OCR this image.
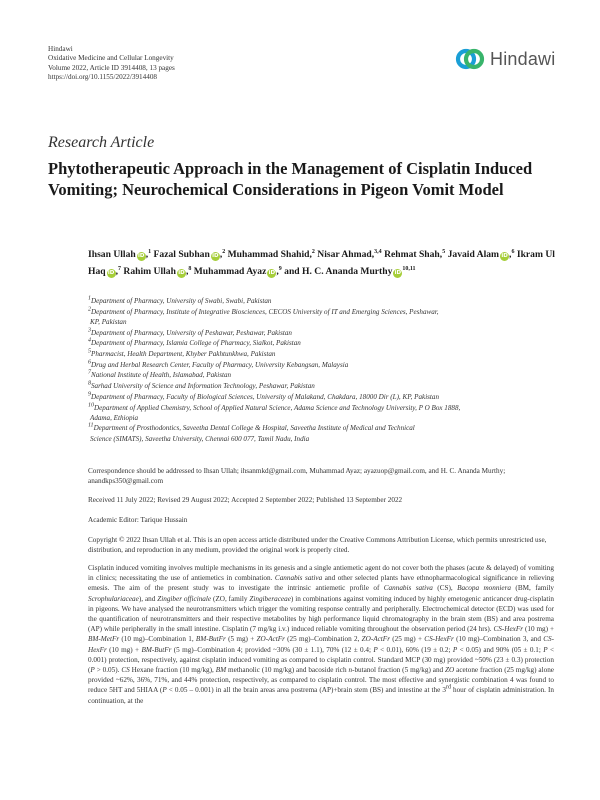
Hindawi
Oxidative Medicine and Cellular Longevity
Volume 2022, Article ID 3914408, 13 pages
https://doi.org/10.1155/2022/3914408
Hindawi
Research Article
Phytotherapeutic Approach in the Management of Cisplatin Induced Vomiting; Neurochemical Considerations in Pigeon Vomit Model
Ihsan Ullah iD,$^1$ Fazal Subhan iD,$^2$ Muhammad Shahid,$^2$ Nisar Ahmad,$^{3,4}$ Rehmat Shah,$^5$ Javaid Alam iD,$^6$ Ikram Ul Haq iD,$^7$ Rahim Ullah iD,$^8$ Muhammad Ayaz iD,$^9$ and H. C. Ananda Murthy iD$^{10,11}$
$^1$Department of Pharmacy, University of Swabi, Swabi, Pakistan
$^2$Department of Pharmacy, Institute of Integrative Biosciences, CECOS University of IT and Emerging Sciences, Peshawar,
KP, Pakistan
$^3$Department of Pharmacy, University of Peshawar, Peshawar, Pakistan
$^4$Department of Pharmacy, Islamia College of Pharmacy, Sialkot, Pakistan
$^5$Pharmacist, Health Department, Khyber Pakhtunkhwa, Pakistan
$^6$Drug and Herbal Research Center, Faculty of Pharmacy, University Kebangsan, Malaysia
$^7$National Institute of Health, Islamabad, Pakistan
$^8$Sarhad University of Science and Information Technology, Peshawar, Pakistan
$^9$Department of Pharmacy, Faculty of Biological Sciences, University of Malakand, Chakdara, 18000 Dir (L), KP, Pakistan
$^{10}$Department of Applied Chemistry, School of Applied Natural Science, Adama Science and Technology University, P O Box 1888,
Adama, Ethiopia
$^{11}$Department of Prosthodontics, Saveetha Dental College & Hospital, Saveetha Institute of Medical and Technical
Science (SIMATS), Saveetha University, Chennai 600 077, Tamil Nadu, India
Correspondence should be addressed to Ihsan Ullah; ihsanmkd@gmail.com, Muhammad Ayaz; ayazuop@gmail.com, and H. C. Ananda Murthy; anandkps350@gmail.com
Received 11 July 2022; Revised 29 August 2022; Accepted 2 September 2022; Published 13 September 2022
Academic Editor: Tarique Hussain
Copyright © 2022 Ihsan Ullah et al. This is an open access article distributed under the Creative Commons Attribution License, which permits unrestricted use, distribution, and reproduction in any medium, provided the original work is properly cited.
Cisplatin induced vomiting involves multiple mechanisms in its genesis and a single antiemetic agent do not cover both the phases (acute & delayed) of vomiting in clinics; necessitating the use of antiemetics in combination. Cannabis sativa and other selected plants have ethnopharmacological significance in relieving emesis. The aim of the present study was to investigate the intrinsic antiemetic profile of Cannabis sativa (CS), Bacopa monniera (BM, family Scrophulariaceae), and Zingiber officinale (ZO, family Zingiberaceae) in combinations against vomiting induced by highly emetogenic anticancer drug-cisplatin in pigeons. We have analysed the neurotransmitters which trigger the vomiting response centrally and peripherally. Electrochemical detector (ECD) was used for the quantification of neurotransmitters and their respective metabolites by high performance liquid chromatography in the brain stem (BS) and area postrema (AP) while peripherally in the small intestine. Cisplatin (7 mg/kg i.v.) induced reliable vomiting throughout the observation period (24 hrs). CS-HexFr (10 mg) + BM-MetFr (10 mg)–Combination 1, BM-ButFr (5 mg) + ZO-ActFr (25 mg)–Combination 2, ZO-ActFr (25 mg) + CS-HexFr (10 mg)–Combination 3, and CS-HexFr (10 mg) + BM-ButFr (5 mg)–Combination 4; provided ~30% (30 ± 1.1), 70% (12 ± 0.4; P < 0.01), 60% (19 ± 0.2; P < 0.05) and 90% (05 ± 0.1; P < 0.001) protection, respectively, against cisplatin induced vomiting as compared to cisplatin control. Standard MCP (30 mg) provided ~50% (23 ± 0.3) protection (P > 0.05). CS Hexane fraction (10 mg/kg), BM methanolic (10 mg/kg) and bacoside rich n-butanol fraction (5 mg/kg) and ZO acetone fraction (25 mg/kg) alone provided ~62%, 36%, 71%, and 44% protection, respectively, as compared to cisplatin control. The most effective and synergistic combination 4 was found to reduce 5HT and 5HIAA (P < 0.05 – 0.001) in all the brain areas area postrema (AP)+brain stem (BS) and intestine at the 3rd hour of cisplatin administration. In continuation, at the
